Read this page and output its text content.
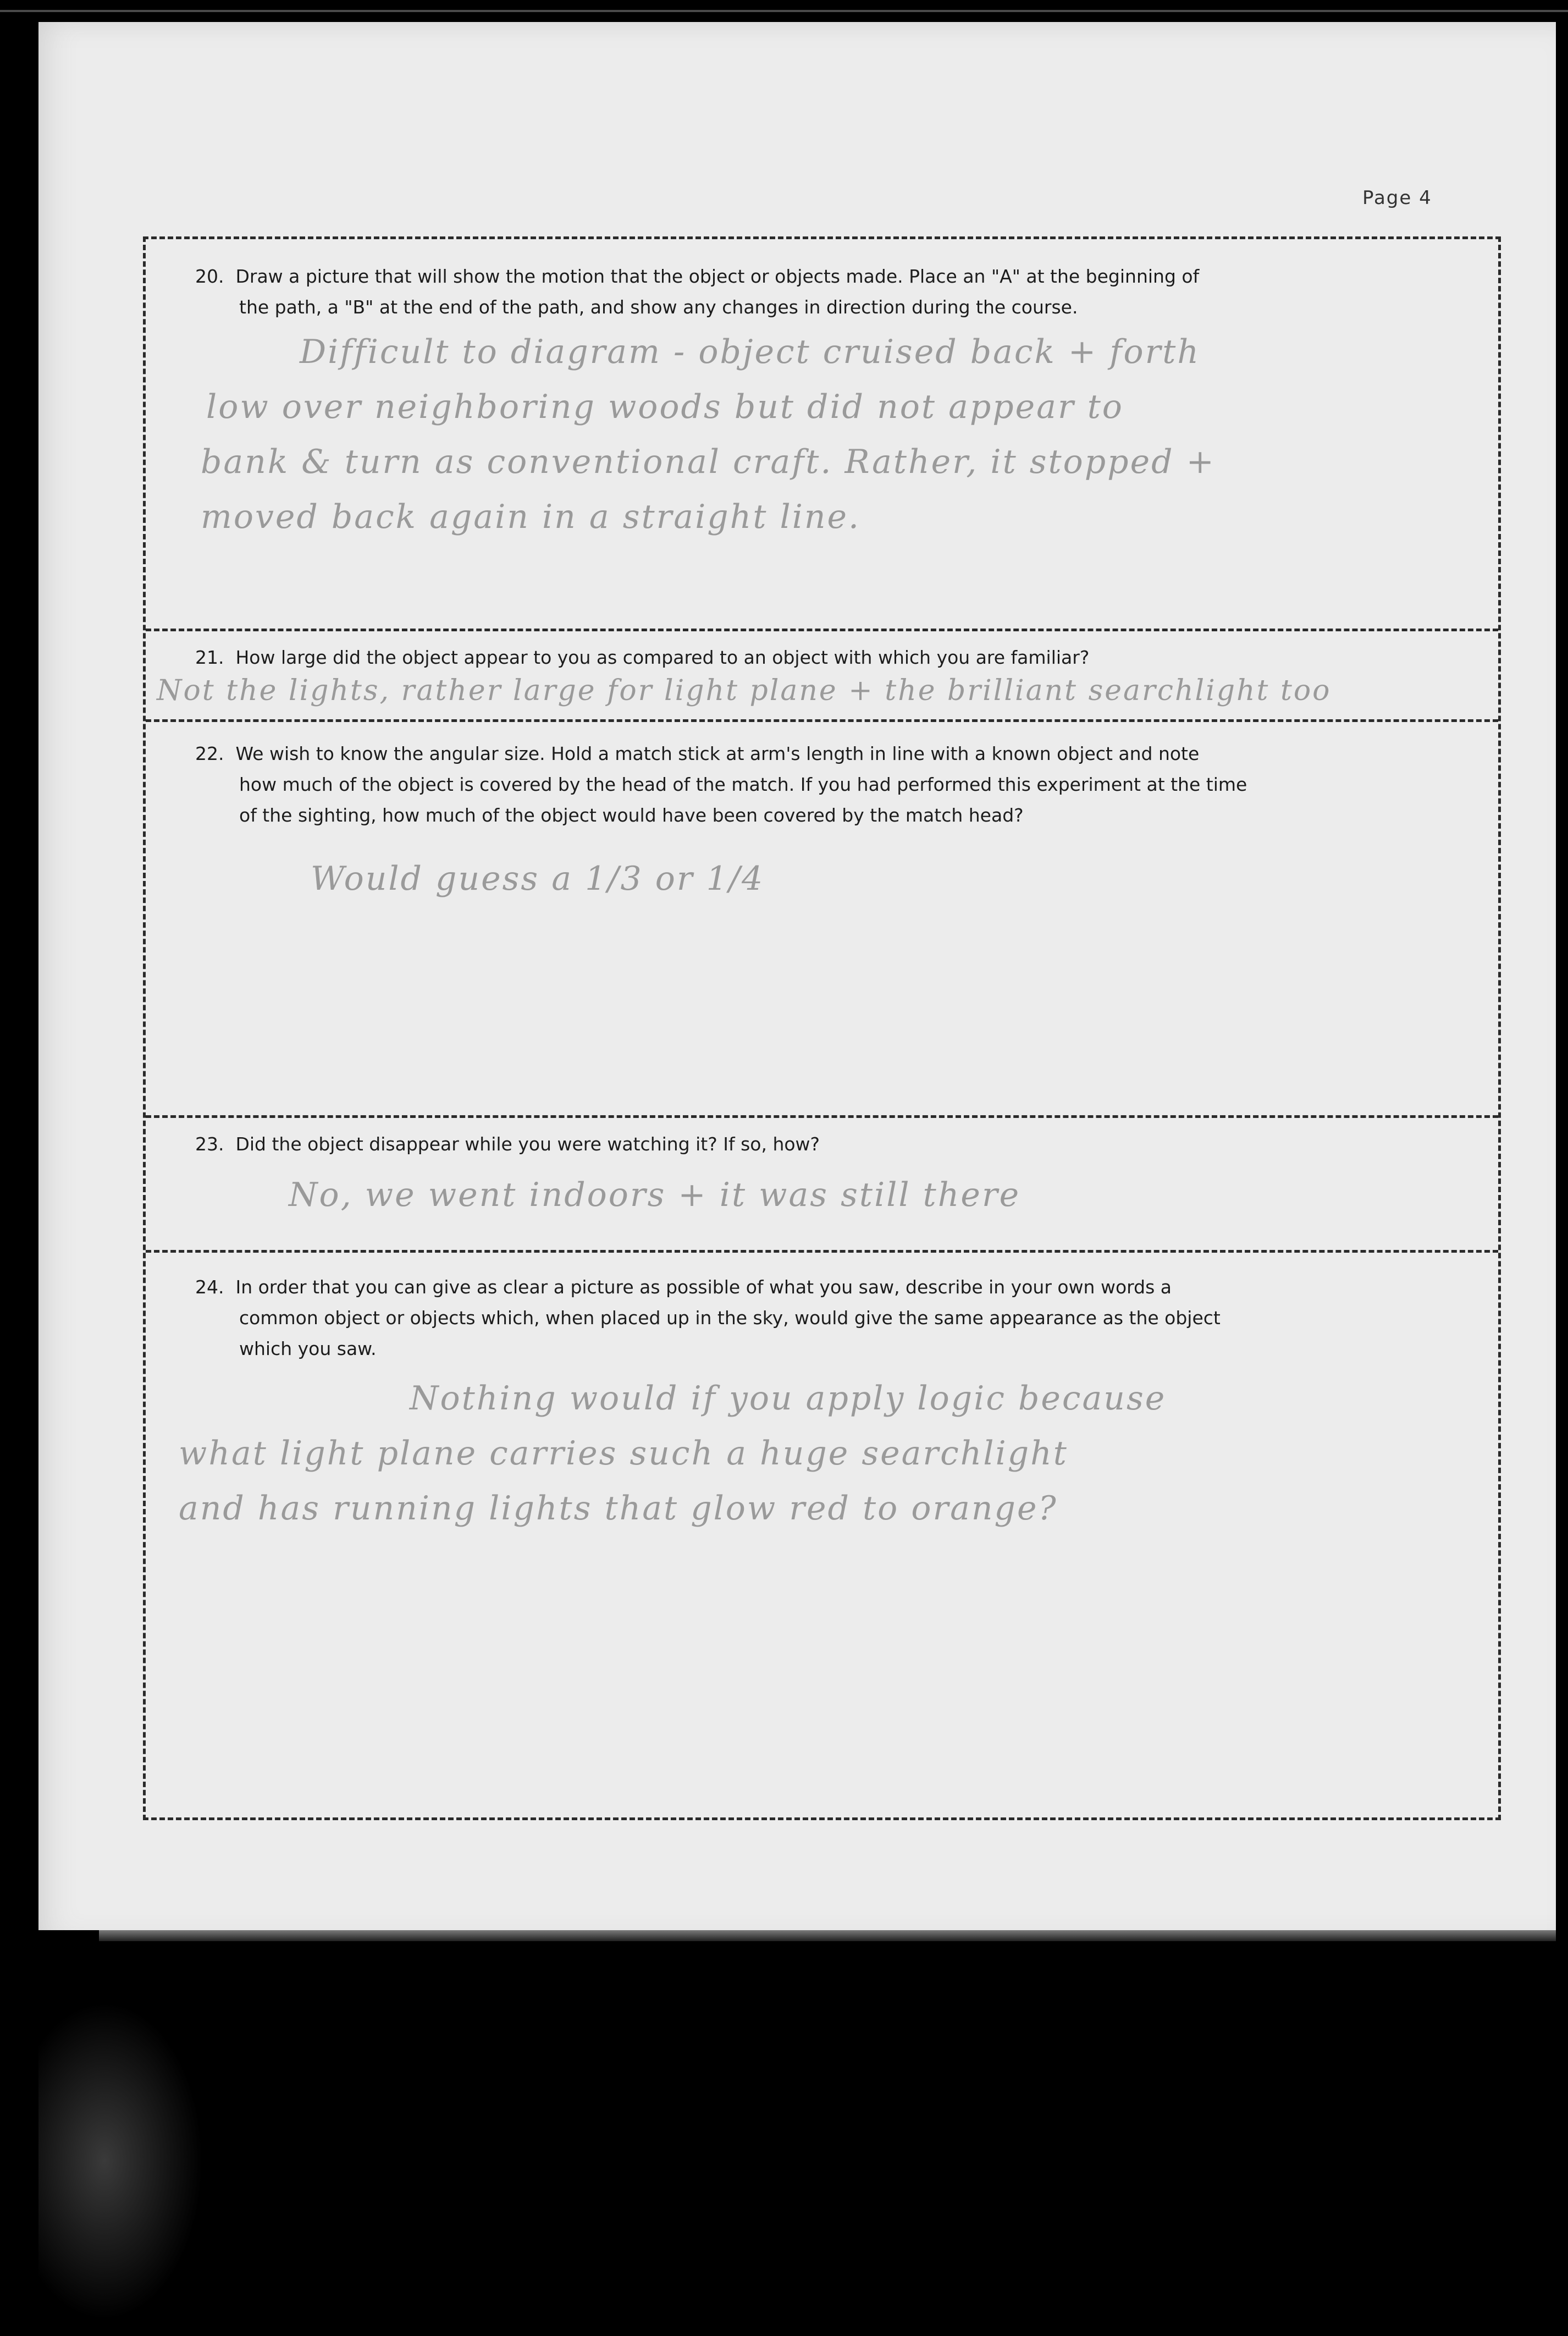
Page 4
20. Draw a picture that will show the motion that the object or objects made. Place an "A" at the beginning of
the path, a "B" at the end of the path, and show any changes in direction during the course.
Difficult to diagram - object cruised back + forth
low over neighboring woods but did not appear to
bank & turn as conventional craft. Rather, it stopped +
moved back again in a straight line.
21. How large did the object appear to you as compared to an object with which you are familiar?
Not the lights, rather large for light plane + the brilliant searchlight too
22. We wish to know the angular size. Hold a match stick at arm's length in line with a known object and note
how much of the object is covered by the head of the match. If you had performed this experiment at the time
of the sighting, how much of the object would have been covered by the match head?
Would guess a 1/3 or 1/4
23. Did the object disappear while you were watching it? If so, how?
No, we went indoors + it was still there
24. In order that you can give as clear a picture as possible of what you saw, describe in your own words a
common object or objects which, when placed up in the sky, would give the same appearance as the object
which you saw.
Nothing would if you apply logic because
what light plane carries such a huge searchlight
and has running lights that glow red to orange?
